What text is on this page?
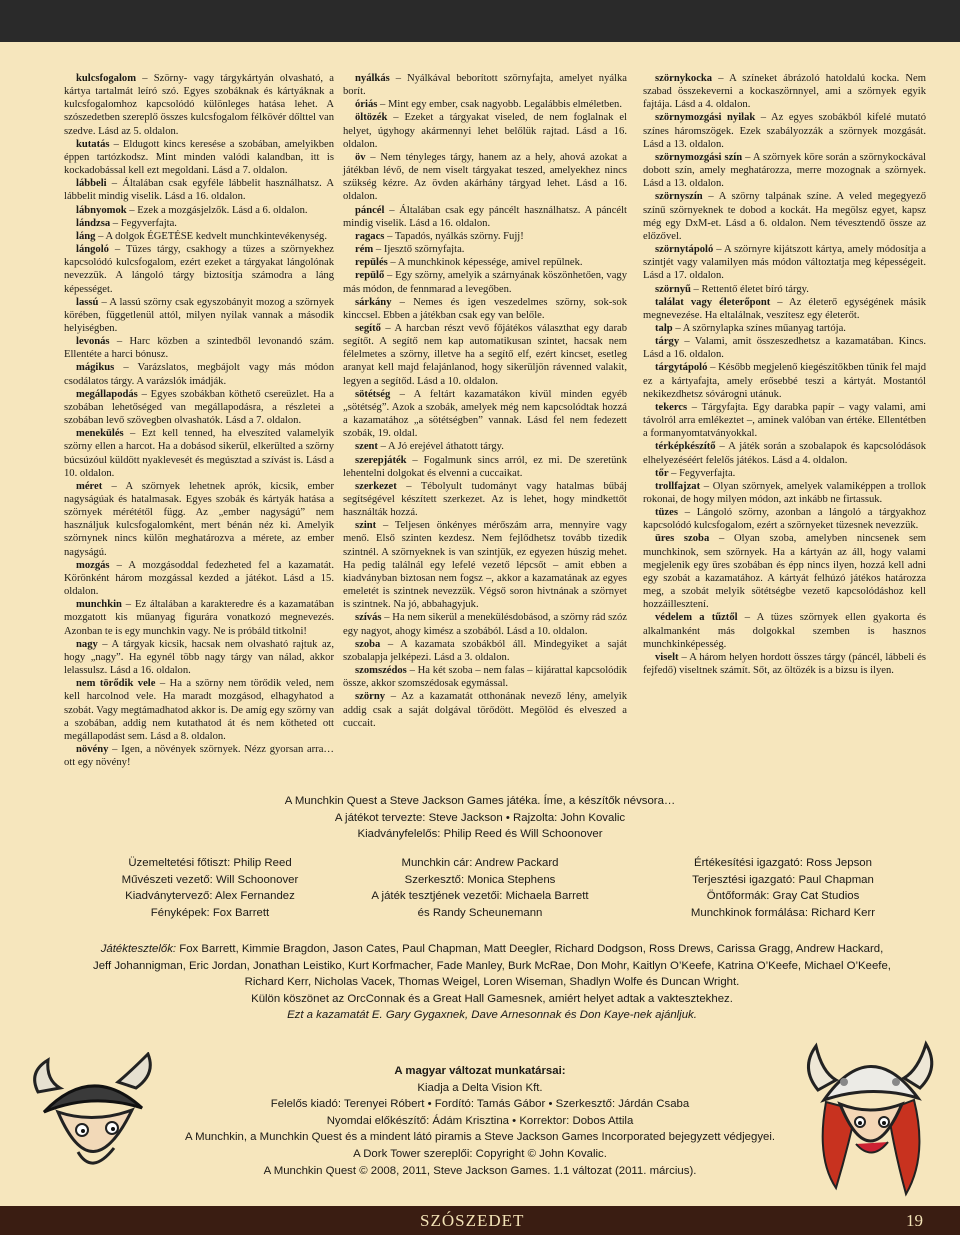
kulcsfogalom – Szörny- vagy tárgykártyán olvasható, a kártya tartalmát leíró szó. Egyes szobáknak és kártyáknak a kulcsfogalomhoz kapcsolódó különleges hatása lehet. A szószedetben szereplő összes kulcsfogalom félkövér dőlttel van szedve. Lásd az 5. oldalon.

kutatás – Eldugott kincs keresése a szobában, amelyikben éppen tartózkodsz. Mint minden valódi kalandban, itt is kockadobással kell ezt megoldani. Lásd a 7. oldalon.

lábbeli – Általában csak egyféle lábbelit használhatsz. A lábbelit mindig viselik. Lásd a 16. oldalon.

lábnyomok – Ezek a mozgásjelzők. Lásd a 6. oldalon.

lándzsa – Fegyverfajta.

láng – A dolgok ÉGETÉSE kedvelt munchkintevékenység.

lángoló – Tüzes tárgy, csakhogy a tüzes a szörnyekhez kapcsolódó kulcsfogalom, ezért ezeket a tárgyakat lángolónak nevezzük. A lángoló tárgy biztosítja számodra a láng képességet.

lassú – A lassú szörny csak egyszobányit mozog a szörnyek körében, függetlenül attól, milyen nyilak vannak a második helyiségben.

levonás – Harc közben a szintedből levonandó szám. Ellentéte a harci bónusz.

mágikus – Varázslatos, megbájolt vagy más módon csodálatos tárgy. A varázslók imádják.

megállapodás – Egyes szobákban köthető csereüzlet. Ha a szobában lehetőséged van megállapodásra, a részletei a szobában levő szövegben olvashatók. Lásd a 7. oldalon.

menekülés – Ezt kell tenned, ha elveszíted valamelyik szörny ellen a harcot. Ha a dobásod sikerül, elkerülted a szörny búcsúzóul küldött nyaklevesét és megúsztad a szívást is. Lásd a 10. oldalon.

méret – A szörnyek lehetnek aprók, kicsik, ember nagyságúak és hatalmasak. Egyes szobák és kártyák hatása a szörnyek mérététől függ. Az „ember nagyságú” nem használjuk kulcsfogalomként, mert bénán néz ki. Amelyik szörnynek nincs külön meghatározva a mérete, az ember nagyságú.

mozgás – A mozgásoddal fedezheted fel a kazamatát. Körönként három mozgással kezded a játékot. Lásd a 15. oldalon.

munchkin – Ez általában a karakteredre és a kazamatában mozgatott kis műanyag figurára vonatkozó megnevezés. Azonban te is egy munchkin vagy. Ne is próbáld titkolni!

nagy – A tárgyak kicsik, hacsak nem olvasható rajtuk az, hogy „nagy”. Ha egynél több nagy tárgy van nálad, akkor lelassulsz. Lásd a 16. oldalon.

nem törődik vele – Ha a szörny nem törődik veled, nem kell harcolnod vele. Ha maradt mozgásod, elhagyhatod a szobát. Vagy megtámadhatod akkor is. De amíg egy szörny van a szobában, addig nem kutathatod át és nem kötheted ott megállapodást sem. Lásd a 8. oldalon.

növény – Igen, a növények szörnyek. Nézz gyorsan arra… ott egy növény!

nyálkás – Nyálkával beborított szörnyfajta, amelyet nyálka borít.

óriás – Mint egy ember, csak nagyobb. Legalábbis elméletben.

öltözék – Ezeket a tárgyakat viseled, de nem foglalnak el helyet, úgyhogy akármennyi lehet belőlük rajtad. Lásd a 16. oldalon.

öv – Nem tényleges tárgy, hanem az a hely, ahová azokat a játékban lévő, de nem viselt tárgyakat teszed, amelyekhez nincs szükség kézre. Az övden akárhány tárgyad lehet. Lásd a 16. oldalon.

páncél – Általában csak egy páncélt használhatsz. A páncélt mindig viselik. Lásd a 16. oldalon.

ragacs – Tapadós, nyálkás szörny. Fujj!

rém – Ijesztő szörnyfajta.

repülés – A munchkinok képessége, amivel repülnek.

repülő – Egy szörny, amelyik a szárnyának köszönhetően, vagy más módon, de fennmarad a levegőben.

sárkány – Nemes és igen veszedelmes szörny, sok-sok kinccsel. Ebben a játékban csak egy van belőle.

segítő – A harcban részt vevő főjátékos választhat egy darab segítőt. A segítő nem kap automatikusan szintet, hacsak nem félelmetes a szörny, illetve ha a segítő elf, ezért kincset, esetleg aranyat kell majd felajánlanod, hogy sikerüljön rávenned valakit, legyen a segítőd. Lásd a 10. oldalon.

sötétség – A feltárt kazamatákon kívül minden egyéb „sötétség”. Azok a szobák, amelyek még nem kapcsolódtak hozzá a kazamatához „a sötétségben” vannak. Lásd fel nem fedezett szobák, 19. oldal.

szent – A Jó erejével áthatott tárgy.

szerepjáték – Fogalmunk sincs arról, ez mi. De szeretünk lehentelni dolgokat és elvenni a cuccaikat.

szerkezet – Tébolyult tudományt vagy hatalmas bűbáj segítségével készített szerkezet. Az is lehet, hogy mindkettőt használták hozzá.

szint – Teljesen önkényes mérőszám arra, mennyire vagy menő. Első szinten kezdesz. Nem fejlődhetsz tovább tizedik szintnél. A szörnyeknek is van szintjük, ez egyezen húszig mehet. Ha pedig találnál egy lefelé vezető lépcsőt – amit ebben a kiadványban biztosan nem fogsz –, akkor a kazamatának az egyes emeletét is szintnek nevezzük. Végső soron hivtnának a szörnyet is szintnek. Na jó, abbahagyjuk.

szívás – Ha nem sikerül a menekülésdobásod, a szörny rád szóz egy nagyot, ahogy kimész a szobából. Lásd a 10. oldalon.

szoba – A kazamata szobákból áll. Mindegyiket a saját szobalapja jelképezi. Lásd a 3. oldalon.

szomszédos – Ha két szoba – nem falas – kijárattal kapcsolódik össze, akkor szomszédosak egymással.

szörny – Az a kazamatát otthonának nevező lény, amelyik addig csak a saját dolgával törődött. Megölöd és elveszed a cuccait.

szörnykocka – A színeket ábrázoló hatoldalú kocka. Nem szabad összekeverni a kockaszörnnyel, ami a szörnyek egyik fajtája. Lásd a 4. oldalon.

szörnymozgási nyilak – Az egyes szobákból kifelé mutató színes háromszögek. Ezek szabályozzák a szörnyek mozgását. Lásd a 13. oldalon.

szörnymozgási szín – A szörnyek köre során a szörnykockával dobott szín, amely meghatározza, merre mozognak a szörnyek. Lásd a 13. oldalon.

szörnyszín – A szörny talpának színe. A veled megegyező színű szörnyeknek te dobod a kockát. Ha megölsz egyet, kapsz még egy DxM-et. Lásd a 6. oldalon. Nem tévesztendő össze az előzővel.

szörnytápoló – A szörnyre kijátszott kártya, amely módosítja a szintjét vagy valamilyen más módon változtatja meg képességeit. Lásd a 17. oldalon.

szörnyű – Rettentő életet bíró tárgy.

találat vagy életerőpont – Az életerő egységének másik megnevezése. Ha eltalálnak, veszítesz egy életerőt.

talp – A szörnylapka színes műanyag tartója.

tárgy – Valami, amit összeszedhetsz a kazamatában. Kincs. Lásd a 16. oldalon.

tárgytápoló – Később megjelenő kiegészítőkben tűnik fel majd ez a kártyafajta, amely erősebbé teszi a kártyát. Mostantól nekikezdhetsz sóvárogni utánuk.

tekercs – Tárgyfajta. Egy darabka papír – vagy valami, ami távolról arra emlékeztet –, aminek valóban van értéke. Ellentétben a formanyomtatványokkal.

térképkészítő – A játék során a szobalapok és kapcsolódások elhelyezéséért felelős játékos. Lásd a 4. oldalon.

tőr – Fegyverfajta.

trollfajzat – Olyan szörnyek, amelyek valamiképpen a trollok rokonai, de hogy milyen módon, azt inkább ne firtassuk.

tüzes – Lángoló szörny, azonban a lángoló a tárgyakhoz kapcsolódó kulcsfogalom, ezért a szörnyeket tüzesnek nevezzük.

üres szoba – Olyan szoba, amelyben nincsenek sem munchkinok, sem szörnyek. Ha a kártyán az áll, hogy valami megjelenik egy üres szobában és épp nincs ilyen, hozzá kell adni egy szobát a kazamatához. A kártyát felhúzó játékos határozza meg, a szobát melyik sötétségbe vezető kapcsolódáshoz kell hozzáillesztení.

védelem a tűztől – A tüzes szörnyek ellen gyakorta és alkalmanként más dolgokkal szemben is hasznos munchkinképesség.

viselt – A három helyen hordott összes tárgy (páncél, lábbeli és fejfedő) viseltnek számít. Sőt, az öltözék is a bizsu is ilyen.

A Munchkin Quest a Steve Jackson Games játéka. Íme, a készítők névsora…
A játékot tervezte: Steve Jackson • Rajzolta: John Kovalic
Kiadványfelelős: Philip Reed és Will Schoonover
Üzemeltetési főtiszt: Philip Reed
Művészeti vezető: Will Schoonover
Kiadványtervező: Alex Fernandez
Fényképek: Fox Barrett
Munchkin cár: Andrew Packard
Szerkesztő: Monica Stephens
A játék tesztjének vezetői: Michaela Barrett
és Randy Scheunemann
Értékesítési igazgató: Ross Jepson
Terjesztési igazgató: Paul Chapman
Öntőformák: Gray Cat Studios
Munchkinok formálása: Richard Kerr
Játéktesztelők: Fox Barrett, Kimmie Bragdon, Jason Cates, Paul Chapman, Matt Deegler, Richard Dodgson, Ross Drews, Carissa Gragg, Andrew Hackard, Jeff Johannigman, Eric Jordan, Jonathan Leistiko, Kurt Korfmacher, Fade Manley, Burk McRae, Don Mohr, Kaitlyn O’Keefe, Katrina O’Keefe, Michael O’Keefe, Richard Kerr, Nicholas Vacek, Thomas Weigel, Loren Wiseman, Shadlyn Wolfe és Duncan Wright.
Külön köszönet az OrcConnak és a Great Hall Gamesnek, amiért helyet adtak a vaktesztekhez.
Ezt a kazamatát E. Gary Gygaxnek, Dave Arnesonnak és Don Kaye-nek ajánljuk.
A magyar változat munkatársai:
Kiadja a Delta Vision Kft.
Felelős kiadó: Terenyei Róbert • Fordító: Tamás Gábor • Szerkesztő: Járdán Csaba
Nyomdai előkészítő: Ádám Krisztina • Korrektor: Dobos Attila
A Munchkin, a Munchkin Quest és a mindent látó piramis a Steve Jackson Games Incorporated bejegyzett védjegyei.
A Dork Tower szereplői: Copyright © John Kovalic.
A Munchkin Quest © 2008, 2011, Steve Jackson Games. 1.1 változat (2011. március).
SZÓSZEDET	19
